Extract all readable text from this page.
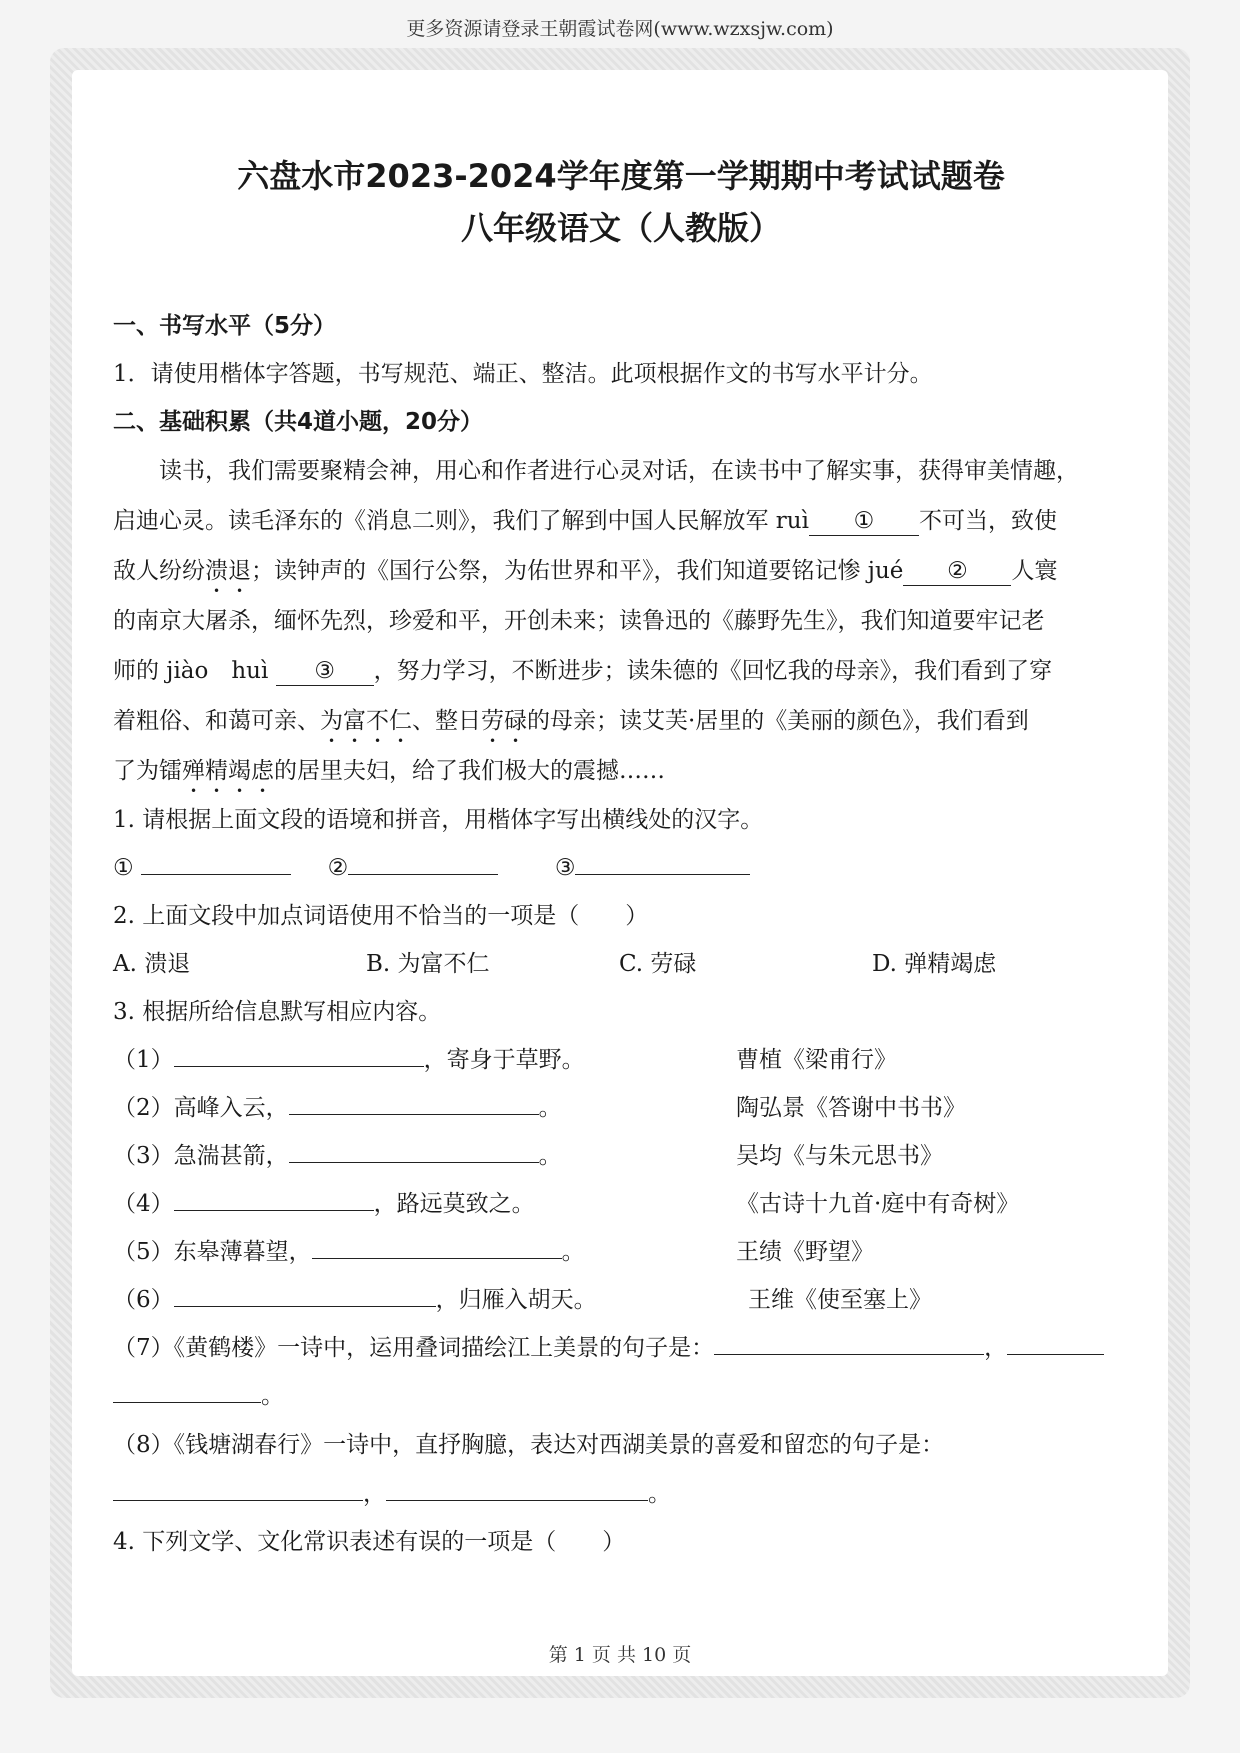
更多资源请登录王朝霞试卷网(www.wzxsjw.com)
六盘水市2023-2024学年度第一学期期中考试试题卷
八年级语文（人教版）
一、书写水平（5分）
1．请使用楷体字答题，书写规范、端正、整洁。此项根据作文的书写水平计分。
二、基础积累（共4道小题，20分）
读书，我们需要聚精会神，用心和作者进行心灵对话，在读书中了解实事，获得审美情趣，
启迪心灵。读毛泽东的《消息二则》，我们了解到中国人民解放军 ruì ① 不可当，致使
敌人纷纷溃退；读钟声的《国行公祭，为佑世界和平》，我们知道要铭记惨 jué ② 人寰
的南京大屠杀，缅怀先烈，珍爱和平，开创未来；读鲁迅的《藤野先生》，我们知道要牢记老
师的 jiào　huì ③ ，努力学习，不断进步；读朱德的《回忆我的母亲》，我们看到了穿
着粗俗、和蔼可亲、为富不仁、整日劳碌的母亲；读艾芙·居里的《美丽的颜色》，我们看到
了为镭殚精竭虑的居里夫妇，给了我们极大的震撼……
1. 请根据上面文段的语境和拼音，用楷体字写出横线处的汉字。
①	②	③
2. 上面文段中加点词语使用不恰当的一项是（　　）
A. 溃退	B. 为富不仁	C. 劳碌	D. 弹精竭虑
3. 根据所给信息默写相应内容。
（1）	，寄身于草野。	曹植《梁甫行》
（2）高峰入云，	。	陶弘景《答谢中书书》
（3）急湍甚箭，	。	吴均《与朱元思书》
（4）	，路远莫致之。	《古诗十九首·庭中有奇树》
（5）东皋薄暮望，	。	王绩《野望》
（6）	，归雁入胡天。	王维《使至塞上》
（7）《黄鹤楼》一诗中，运用叠词描绘江上美景的句子是：	，
。
（8）《钱塘湖春行》一诗中，直抒胸臆，表达对西湖美景的喜爱和留恋的句子是：
，	。
4. 下列文学、文化常识表述有误的一项是（　　）
第 1 页 共 10 页
